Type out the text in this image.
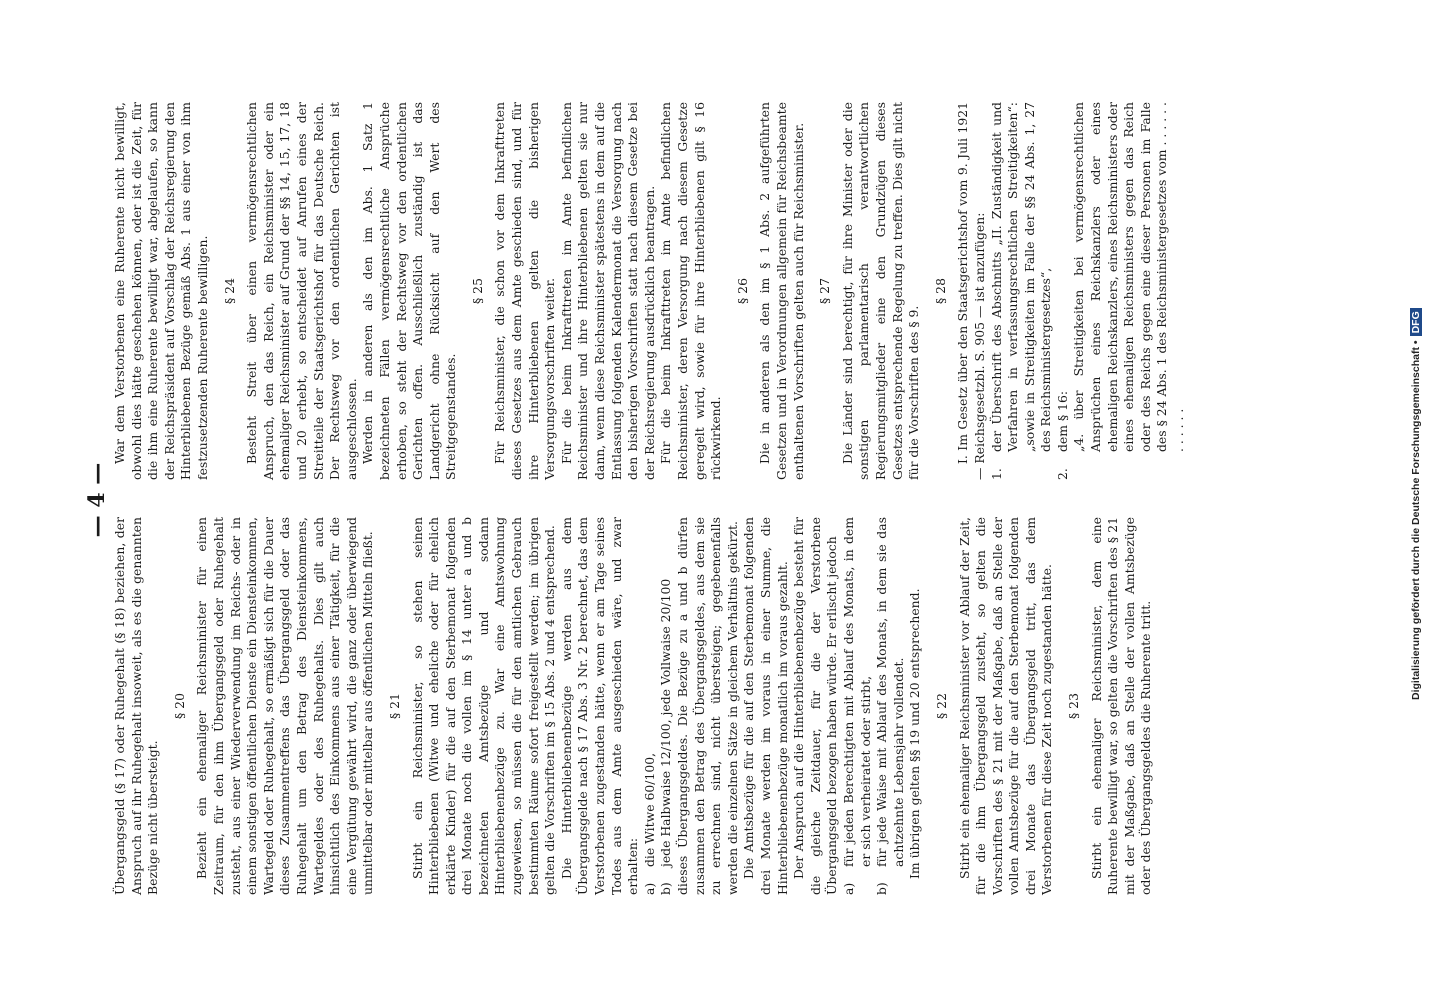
— 4 —

Übergangsgeld (§ 17) oder Ruhegehalt (§ 18) beziehen, der Anspruch auf ihr Ruhegehalt insoweit, als es die genannten Bezüge nicht übersteigt.

§ 20 Bezieht ein ehemaliger Reichsminister für einen Zeitraum, für den ihm Übergangsgeld oder Ruhegehalt zusteht, aus einer Wiederverwendung im Reichs- oder in einem sonstigen öffentlichen Dienste ein Diensteinkommen, Wartegeld oder Ruhegehalt, so ermäßigt sich für die Dauer dieses Zusammentreffens das Übergangsgeld oder das Ruhegehalt um den Betrag des Diensteinkommens, Wartegeldes oder des Ruhegehalts. Dies gilt auch hinsichtlich des Einkommens aus einer Tätigkeit, für die eine Vergütung gewährt wird, die ganz oder überwiegend unmittelbar oder mittelbar aus öffentlichen Mitteln fließt. § 21 Stirbt ein Reichsminister, so stehen seinen Hinterbliebenen (Witwe und eheliche oder für ehelich erklärte Kinder) für die auf den Sterbemonat folgenden drei Monate noch die vollen im § 14 unter a und b bezeichneten Amtsbezüge und sodann Hinterbliebenenbezüge zu. War eine Amtswohnung zugewiesen, so müssen die für den amtlichen Gebrauch bestimmten Räume sofort freigestellt werden; im übrigen gelten die Vorschriften im § 15 Abs. 2 und 4 entsprechend. Die Hinterbliebenenbezüge werden aus dem Übergangsgelde nach § 17 Abs. 3 Nr. 2 berechnet, das dem Verstorbenen zugestanden hätte, wenn er am Tage seines Todes aus dem Amte ausgeschieden wäre, und zwar erhalten: a)die Witwe 60/100,

b)jede Halbwaise 12/100, jede Vollwaise 20/100 dieses Übergangsgeldes. Die Bezüge zu a und b dürfen zusammen den Betrag des Übergangsgeldes, aus dem sie zu errechnen sind, nicht übersteigen; gegebenenfalls werden die einzelnen Sätze in gleichem Verhältnis gekürzt. Die Amtsbezüge für die auf den Sterbemonat folgenden drei Monate werden im voraus in einer Summe, die Hinterbliebenenbezüge monatlich im voraus gezahlt. Der Anspruch auf die Hinterbliebenenbezüge besteht für die gleiche Zeitdauer, für die der Verstorbene Übergangsgeld bezogen haben würde. Er erlischt jedoch a)für jeden Berechtigten mit Ablauf des Monats, in dem er sich verheiratet oder stirbt,

b)für jede Waise mit Ablauf des Monats, in dem sie das achtzehnte Lebensjahr vollendet. Im übrigen gelten §§ 19 und 20 entsprechend. § 22 Stirbt ein ehemaliger Reichsminister vor Ablauf der Zeit, für die ihm Übergangsgeld zusteht, so gelten die Vorschriften des § 21 mit der Maßgabe, daß an Stelle der vollen Amtsbezüge für die auf den Sterbemonat folgenden drei Monate das Übergangsgeld tritt, das dem Verstorbenen für diese Zeit noch zugestanden hätte. § 23 Stirbt ein ehemaliger Reichsminister, dem eine Ruherente bewilligt war, so gelten die Vorschriften des § 21 mit der Maßgabe, daß an Stelle der vollen Amtsbezüge oder des Übergangsgeldes die Ruherente tritt.

War dem Verstorbenen eine Ruherente nicht bewilligt, obwohl dies hätte geschehen können, oder ist die Zeit, für die ihm eine Ruherente bewilligt war, abgelaufen, so kann der Reichspräsident auf Vorschlag der Reichsregierung den Hinterbliebenen Bezüge gemäß Abs. 1 aus einer von ihm festzusetzenden Ruherente bewilligen. § 24 Besteht Streit über einen vermögensrechtlichen Anspruch, den das Reich, ein Reichsminister oder ein ehemaliger Reichsminister auf Grund der §§ 14, 15, 17, 18 und 20 erhebt, so entscheidet auf Anrufen eines der Streitteile der Staatsgerichtshof für das Deutsche Reich. Der Rechtsweg vor den ordentlichen Gerichten ist ausgeschlossen. Werden in anderen als den im Abs. 1 Satz 1 bezeichneten Fällen vermögensrechtliche Ansprüche erhoben, so steht der Rechtsweg vor den ordentlichen Gerichten offen. Ausschließlich zuständig ist das Landgericht ohne Rücksicht auf den Wert des Streitgegenstandes.

§ 25 Für Reichsminister, die schon vor dem Inkrafttreten dieses Gesetzes aus dem Amte geschieden sind, und für ihre Hinterbliebenen gelten die bisherigen Versorgungsvorschriften weiter. Für die beim Inkrafttreten im Amte befindlichen Reichsminister und ihre Hinterbliebenen gelten sie nur dann, wenn diese Reichsminister spätestens in dem auf die Entlassung folgenden Kalendermonat die Versorgung nach den bisherigen Vorschriften statt nach diesem Gesetze bei der Reichsregierung ausdrücklich beantragen. Für die beim Inkrafttreten im Amte befindlichen Reichsminister, deren Versorgung nach diesem Gesetze geregelt wird, sowie für ihre Hinterbliebenen gilt § 16 rückwirkend.

§ 26 Die in anderen als den im § 1 Abs. 2 aufgeführten Gesetzen und in Verordnungen allgemein für Reichsbeamte enthaltenen Vorschriften gelten auch für Reichsminister. § 27 Die Länder sind berechtigt, für ihre Minister oder die sonstigen parlamentarisch verantwortlichen Regierungsmitglieder eine den Grundzügen dieses Gesetzes entsprechende Regelung zu treffen. Dies gilt nicht für die Vorschriften des § 9.

§ 28 I. Im Gesetz über den Staatsgerichtshof vom 9. Juli 1921 — Reichsgesetzbl. S. 905 — ist anzufügen: 1.der Überschrift des Abschnitts „II. Zuständigkeit und Verfahren in verfassungsrechtlichen Streitigkeiten“: „sowie in Streitigkeiten im Falle der §§ 24 Abs. 1, 27 des Reichsministergesetzes“,

2.dem § 16: „4. über Streitigkeiten bei vermögensrechtlichen Ansprüchen eines Reichskanzlers oder eines ehemaligen Reichskanzlers, eines Reichsministers oder eines ehemaligen Reichsministers gegen das Reich oder des Reichs gegen eine dieser Personen im Falle des § 24 Abs. 1 des Reichsministergesetzes vom . . . . . . . . . . . .	Digitalisierung gefördert durch die Deutsche Forschungsgemeinschaft •DFG
